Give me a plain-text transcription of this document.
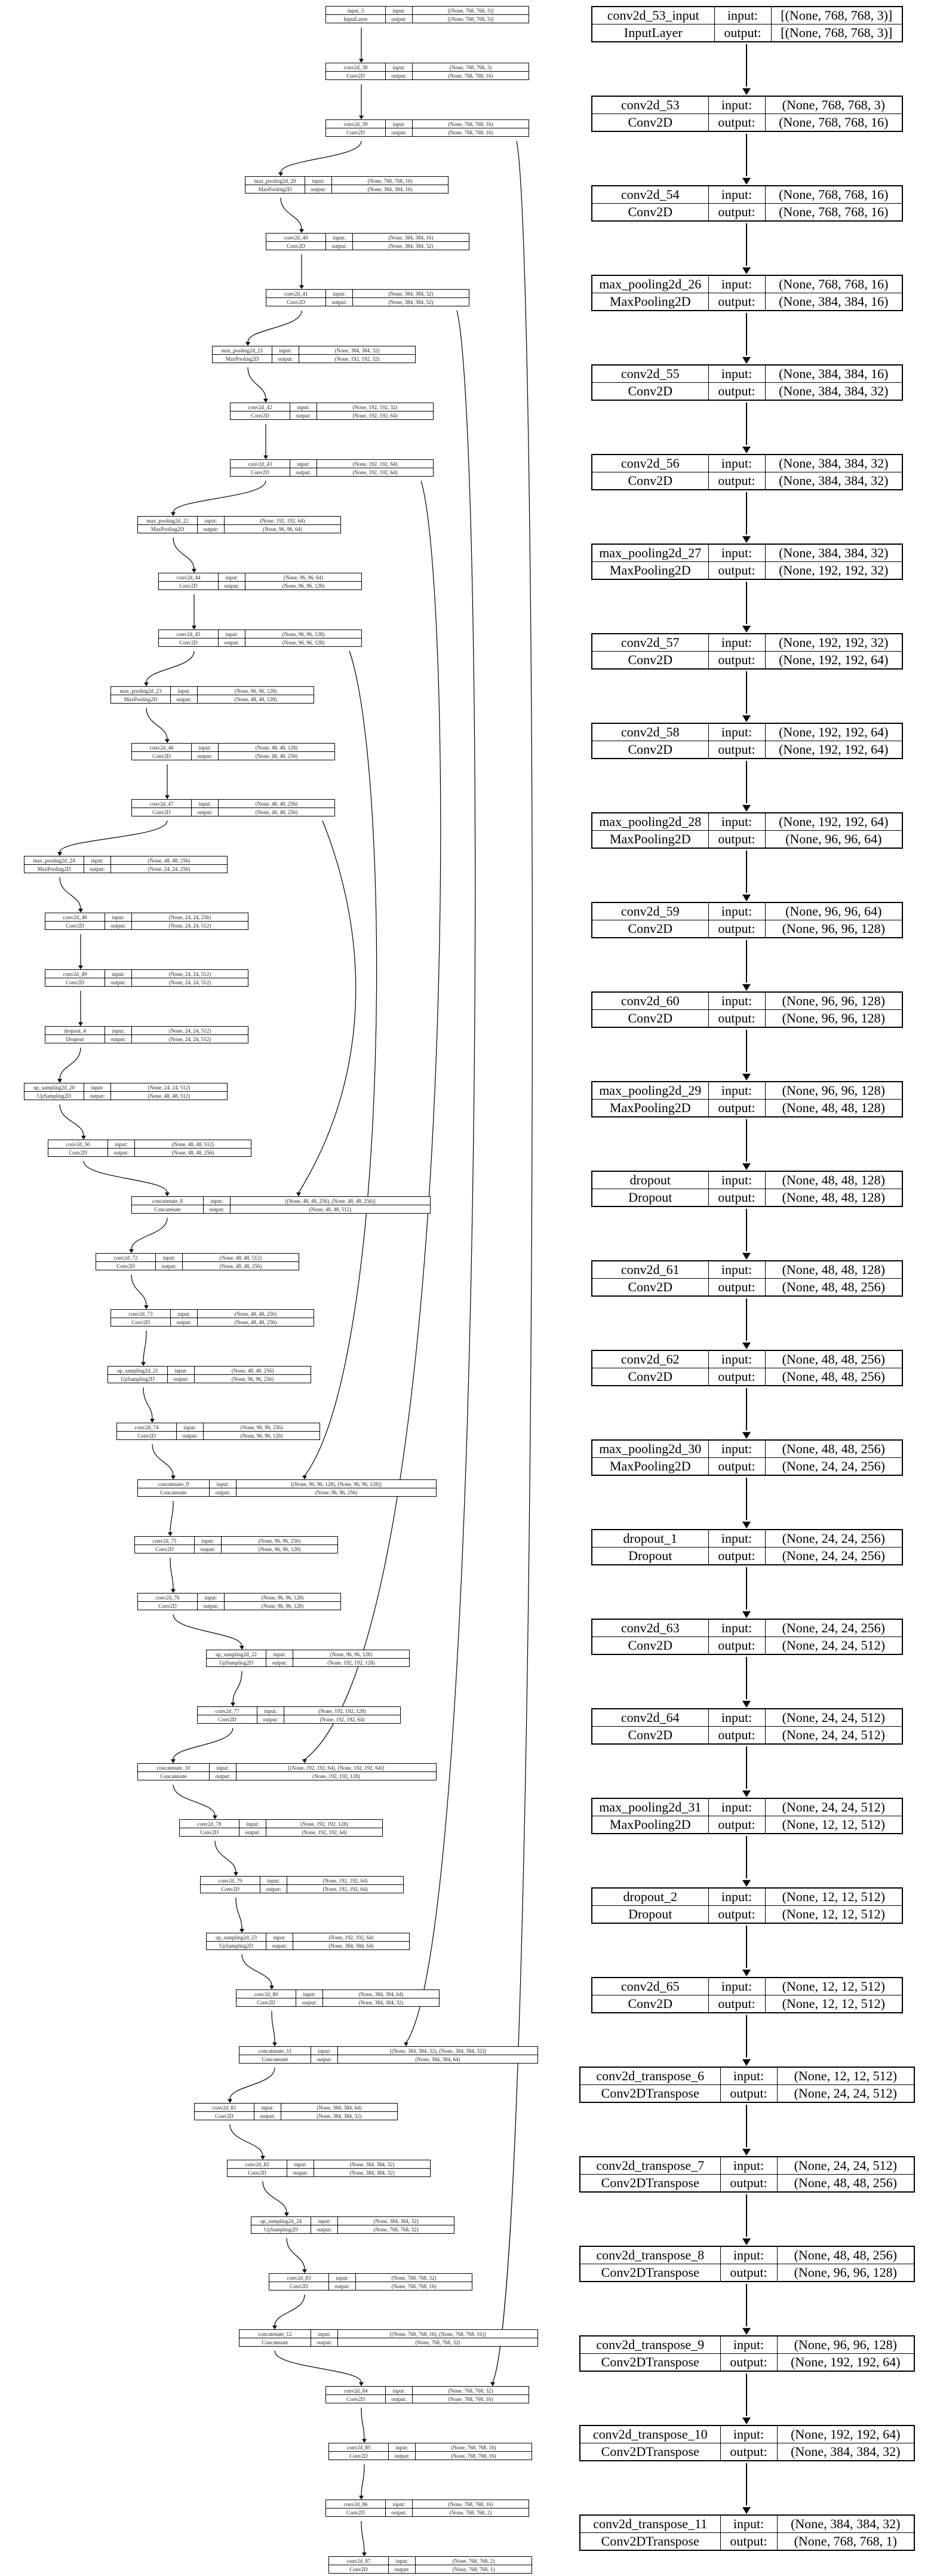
conv2d_53_input	input:	[(None, 768, 768, 3)]
InputLayer	output:	[(None, 768, 768, 3)]
conv2d_53	input:	(None, 768, 768, 3)
Conv2D	output:	(None, 768, 768, 16)
conv2d_54	input:	(None, 768, 768, 16)
Conv2D	output:	(None, 768, 768, 16)
max_pooling2d_26	input:	(None, 768, 768, 16)
MaxPooling2D	output:	(None, 384, 384, 16)
conv2d_55	input:	(None, 384, 384, 16)
Conv2D	output:	(None, 384, 384, 32)
conv2d_56	input:	(None, 384, 384, 32)
Conv2D	output:	(None, 384, 384, 32)
max_pooling2d_27	input:	(None, 384, 384, 32)
MaxPooling2D	output:	(None, 192, 192, 32)
conv2d_57	input:	(None, 192, 192, 32)
Conv2D	output:	(None, 192, 192, 64)
conv2d_58	input:	(None, 192, 192, 64)
Conv2D	output:	(None, 192, 192, 64)
max_pooling2d_28	input:	(None, 192, 192, 64)
MaxPooling2D	output:	(None, 96, 96, 64)
conv2d_59	input:	(None, 96, 96, 64)
Conv2D	output:	(None, 96, 96, 128)
conv2d_60	input:	(None, 96, 96, 128)
Conv2D	output:	(None, 96, 96, 128)
max_pooling2d_29	input:	(None, 96, 96, 128)
MaxPooling2D	output:	(None, 48, 48, 128)
dropout	input:	(None, 48, 48, 128)
Dropout	output:	(None, 48, 48, 128)
conv2d_61	input:	(None, 48, 48, 128)
Conv2D	output:	(None, 48, 48, 256)
conv2d_62	input:	(None, 48, 48, 256)
Conv2D	output:	(None, 48, 48, 256)
max_pooling2d_30	input:	(None, 48, 48, 256)
MaxPooling2D	output:	(None, 24, 24, 256)
dropout_1	input:	(None, 24, 24, 256)
Dropout	output:	(None, 24, 24, 256)
conv2d_63	input:	(None, 24, 24, 256)
Conv2D	output:	(None, 24, 24, 512)
conv2d_64	input:	(None, 24, 24, 512)
Conv2D	output:	(None, 24, 24, 512)
max_pooling2d_31	input:	(None, 24, 24, 512)
MaxPooling2D	output:	(None, 12, 12, 512)
dropout_2	input:	(None, 12, 12, 512)
Dropout	output:	(None, 12, 12, 512)
conv2d_65	input:	(None, 12, 12, 512)
Conv2D	output:	(None, 12, 12, 512)
conv2d_transpose_6	input:	(None, 12, 12, 512)
Conv2DTranspose	output:	(None, 24, 24, 512)
conv2d_transpose_7	input:	(None, 24, 24, 512)
Conv2DTranspose	output:	(None, 48, 48, 256)
conv2d_transpose_8	input:	(None, 48, 48, 256)
Conv2DTranspose	output:	(None, 96, 96, 128)
conv2d_transpose_9	input:	(None, 96, 96, 128)
Conv2DTranspose	output:	(None, 192, 192, 64)
conv2d_transpose_10	input:	(None, 192, 192, 64)
Conv2DTranspose	output:	(None, 384, 384, 32)
conv2d_transpose_11	input:	(None, 384, 384, 32)
Conv2DTranspose	output:	(None, 768, 768, 1)
input_3	input:	[(None, 768, 768, 3)]
InputLayer	output:	[(None, 768, 768, 3)]
conv2d_38	input:	(None, 768, 768, 3)
Conv2D	output:	(None, 768, 768, 16)
conv2d_39	input:	(None, 768, 768, 16)
Conv2D	output:	(None, 768, 768, 16)
max_pooling2d_20	input:	(None, 768, 768, 16)
MaxPooling2D	output:	(None, 384, 384, 16)
conv2d_40	input:	(None, 384, 384, 16)
Conv2D	output:	(None, 384, 384, 32)
conv2d_41	input:	(None, 384, 384, 32)
Conv2D	output:	(None, 384, 384, 32)
max_pooling2d_21	input:	(None, 384, 384, 32)
MaxPooling2D	output:	(None, 192, 192, 32)
conv2d_42	input:	(None, 192, 192, 32)
Conv2D	output:	(None, 192, 192, 64)
conv2d_43	input:	(None, 192, 192, 64)
Conv2D	output:	(None, 192, 192, 64)
max_pooling2d_22	input:	(None, 192, 192, 64)
MaxPooling2D	output:	(None, 96, 96, 64)
conv2d_44	input:	(None, 96, 96, 64)
Conv2D	output:	(None, 96, 96, 128)
conv2d_45	input:	(None, 96, 96, 128)
Conv2D	output:	(None, 96, 96, 128)
max_pooling2d_23	input:	(None, 96, 96, 128)
MaxPooling2D	output:	(None, 48, 48, 128)
conv2d_46	input:	(None, 48, 48, 128)
Conv2D	output:	(None, 48, 48, 256)
conv2d_47	input:	(None, 48, 48, 256)
Conv2D	output:	(None, 48, 48, 256)
max_pooling2d_24	input:	(None, 48, 48, 256)
MaxPooling2D	output:	(None, 24, 24, 256)
conv2d_48	input:	(None, 24, 24, 256)
Conv2D	output:	(None, 24, 24, 512)
conv2d_49	input:	(None, 24, 24, 512)
Conv2D	output:	(None, 24, 24, 512)
dropout_4	input:	(None, 24, 24, 512)
Dropout	output:	(None, 24, 24, 512)
up_sampling2d_20	input:	(None, 24, 24, 512)
UpSampling2D	output:	(None, 48, 48, 512)
conv2d_50	input:	(None, 48, 48, 512)
Conv2D	output:	(None, 48, 48, 256)
concatenate_8	input:	[(None, 48, 48, 256), (None, 48, 48, 256)]
Concatenate	output:	(None, 48, 48, 512)
conv2d_72	input:	(None, 48, 48, 512)
Conv2D	output:	(None, 48, 48, 256)
conv2d_73	input:	(None, 48, 48, 256)
Conv2D	output:	(None, 48, 48, 256)
up_sampling2d_21	input:	(None, 48, 48, 256)
UpSampling2D	output:	(None, 96, 96, 256)
conv2d_74	input:	(None, 96, 96, 256)
Conv2D	output:	(None, 96, 96, 128)
concatenate_9	input:	[(None, 96, 96, 128), (None, 96, 96, 128)]
Concatenate	output:	(None, 96, 96, 256)
conv2d_75	input:	(None, 96, 96, 256)
Conv2D	output:	(None, 96, 96, 128)
conv2d_76	input:	(None, 96, 96, 128)
Conv2D	output:	(None, 96, 96, 128)
up_sampling2d_22	input:	(None, 96, 96, 128)
UpSampling2D	output:	(None, 192, 192, 128)
conv2d_77	input:	(None, 192, 192, 128)
Conv2D	output:	(None, 192, 192, 64)
concatenate_10	input:	[(None, 192, 192, 64), (None, 192, 192, 64)]
Concatenate	output:	(None, 192, 192, 128)
conv2d_78	input:	(None, 192, 192, 128)
Conv2D	output:	(None, 192, 192, 64)
conv2d_79	input:	(None, 192, 192, 64)
Conv2D	output:	(None, 192, 192, 64)
up_sampling2d_23	input:	(None, 192, 192, 64)
UpSampling2D	output:	(None, 384, 384, 64)
conv2d_80	input:	(None, 384, 384, 64)
Conv2D	output:	(None, 384, 384, 32)
concatenate_11	input:	[(None, 384, 384, 32), (None, 384, 384, 32)]
Concatenate	output:	(None, 384, 384, 64)
conv2d_81	input:	(None, 384, 384, 64)
Conv2D	output:	(None, 384, 384, 32)
conv2d_82	input:	(None, 384, 384, 32)
Conv2D	output:	(None, 384, 384, 32)
up_sampling2d_24	input:	(None, 384, 384, 32)
UpSampling2D	output:	(None, 768, 768, 32)
conv2d_83	input:	(None, 768, 768, 32)
Conv2D	output:	(None, 768, 768, 16)
concatenate_12	input:	[(None, 768, 768, 16), (None, 768, 768, 16)]
Concatenate	output:	(None, 768, 768, 32)
conv2d_84	input:	(None, 768, 768, 32)
Conv2D	output:	(None, 768, 768, 16)
conv2d_85	input:	(None, 768, 768, 16)
Conv2D	output:	(None, 768, 768, 16)
conv2d_86	input:	(None, 768, 768, 16)
Conv2D	output:	(None, 768, 768, 2)
conv2d_87	input:	(None, 768, 768, 2)
Conv2D	output:	(None, 768, 768, 1)
